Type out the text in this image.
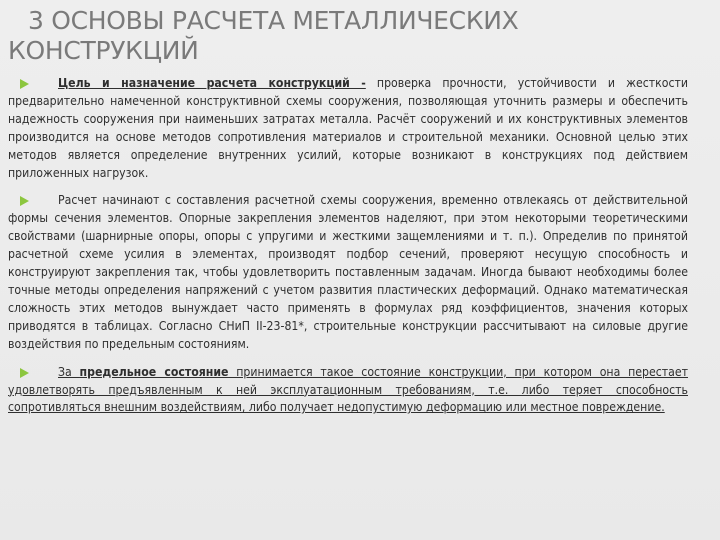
3 ОСНОВЫ РАСЧЕТА МЕТАЛЛИЧЕСКИХ
КОНСТРУКЦИЙ

Цель и назначение расчета конструкций - проверка прочности, устойчивости и жесткости предварительно намеченной конструктивной схемы сооружения, позволяющая уточнить размеры и обеспечить надежность сооружения при наименьших затратах металла. Расчёт сооружений и их конструктивных элементов производится на основе методов сопротивления материалов и строительной механики. Основной целью этих методов является определение внутренних усилий, которые возникают в конструкциях под действием приложенных нагрузок.

Расчет начинают с составления расчетной схемы сооружения, временно отвлекаясь от действительной формы сечения элементов. Опорные закрепления элементов наделяют, при этом некоторыми теоретическими свойствами (шарнирные опоры, опоры с упругими и жесткими защемлениями и т. п.). Определив по принятой расчетной схеме усилия в элементах, производят подбор сечений, проверяют несущую способность и конструируют закрепления так, чтобы удовлетворить поставленным задачам. Иногда бывают необходимы более точные методы определения напряжений с учетом развития пластических деформаций. Однако математическая сложность этих методов вынуждает часто применять в формулах ряд коэффициентов, значения которых приводятся в таблицах. Согласно СНиП II-23-81*, строительные конструкции рассчитывают на силовые другие воздействия по предельным состояниям.

За предельное состояние принимается такое состояние конструкции, при котором она перестает удовлетворять предъявленным к ней эксплуатационным требованиям, т.е. либо теряет способность сопротивляться внешним воздействиям, либо получает недопустимую деформацию или местное повреждение.
